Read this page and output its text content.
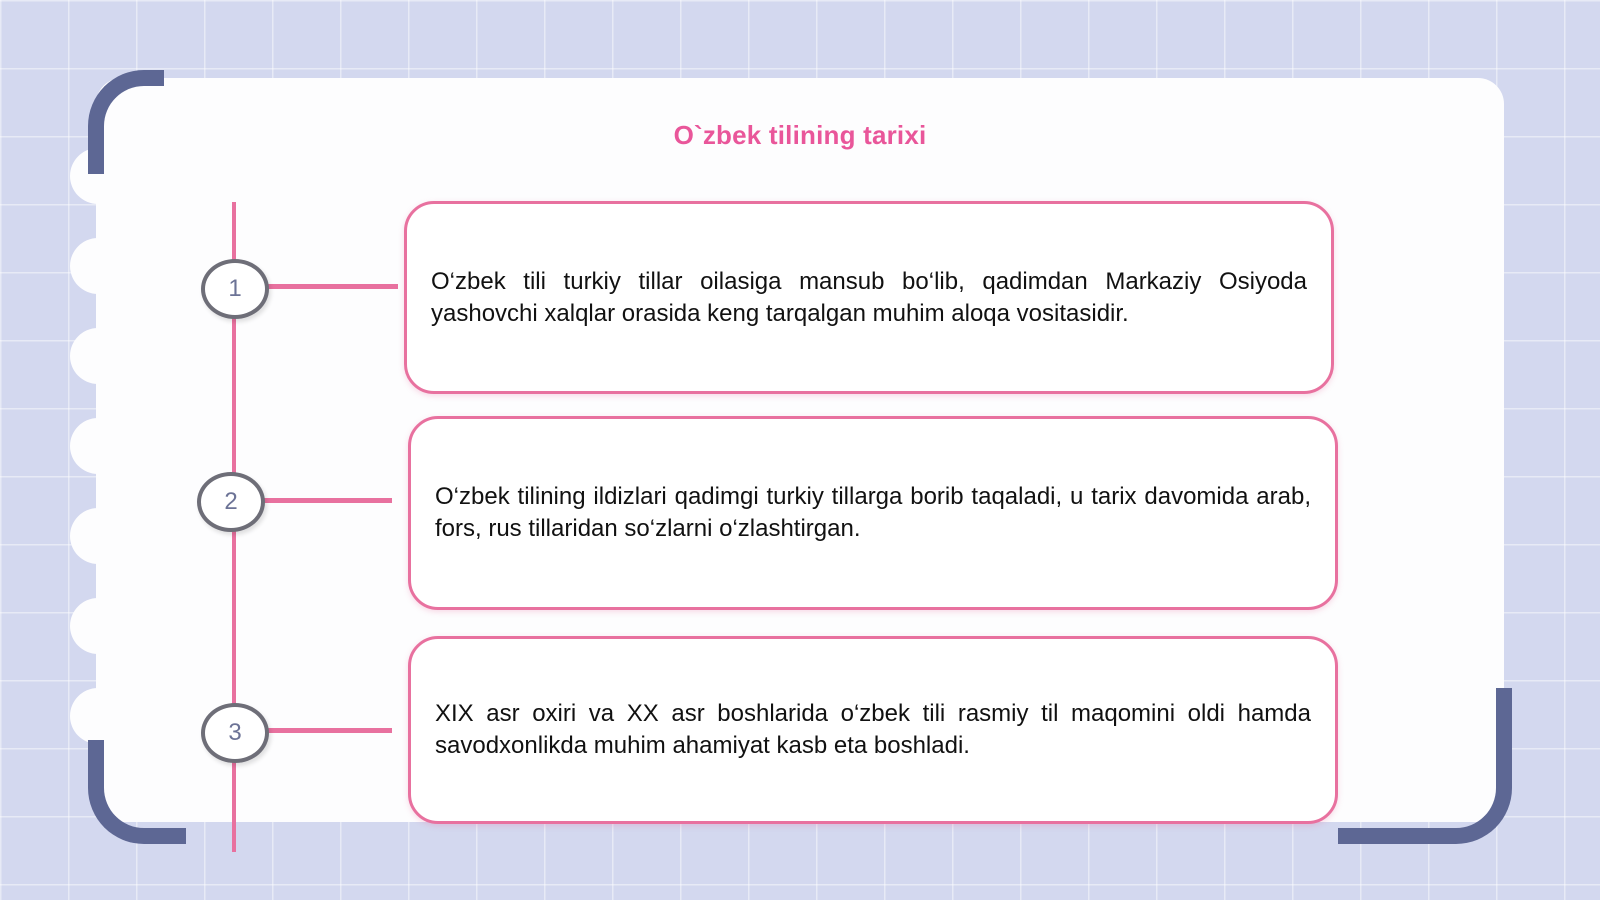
O`zbek tilining tarixi
1
2
3

O‘zbek tili turkiy tillar oilasiga mansub bo‘lib, qadimdan Markaziy Osiyoda yashovchi xalqlar orasida keng tarqalgan muhim aloqa vositasidir.

O‘zbek tilining ildizlari qadimgi turkiy tillarga borib taqaladi, u tarix davomida arab, fors, rus tillaridan so‘zlarni o‘zlashtirgan.

XIX asr oxiri va XX asr boshlarida o‘zbek tili rasmiy til maqomini oldi hamda savodxonlikda muhim ahamiyat kasb eta boshladi.
